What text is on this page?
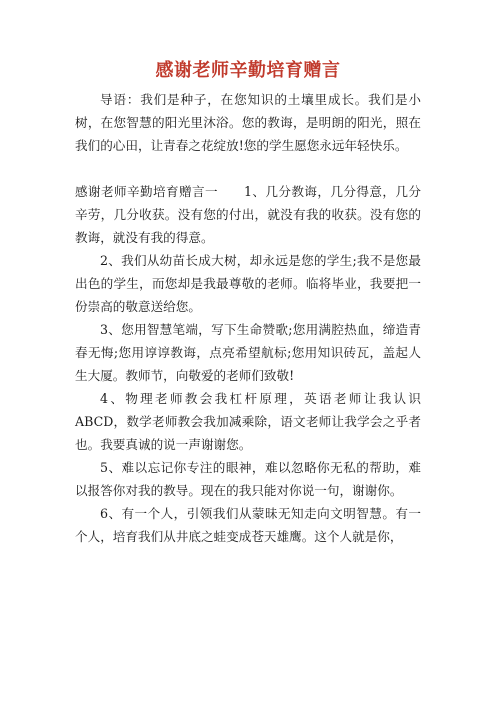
感谢老师辛勤培育赠言

导语：我们是种子，在您知识的土壤里成长。我们是小树，在您智慧的阳光里沐浴。您的教诲，是明朗的阳光，照在我们的心田，让青春之花绽放!您的学生愿您永远年轻快乐。

感谢老师辛勤培育赠言一　　1、几分教诲，几分得意，几分辛劳，几分收获。没有您的付出，就没有我的收获。没有您的教诲，就没有我的得意。

2、我们从幼苗长成大树，却永远是您的学生;我不是您最出色的学生，而您却是我最尊敬的老师。临将毕业，我要把一份崇高的敬意送给您。

3、您用智慧笔端，写下生命赞歌;您用满腔热血，缔造青春无悔;您用谆谆教诲，点亮希望航标;您用知识砖瓦，盖起人生大厦。教师节，向敬爱的老师们致敬!

4、物理老师教会我杠杆原理，英语老师让我认识ABCD，数学老师教会我加减乘除，语文老师让我学会之乎者也。我要真诚的说一声谢谢您。

5、难以忘记你专注的眼神，难以忽略你无私的帮助，难以报答你对我的教导。现在的我只能对你说一句，谢谢你。

6、有一个人，引领我们从蒙昧无知走向文明智慧。有一个人，培育我们从井底之蛙变成苍天雄鹰。这个人就是你，
